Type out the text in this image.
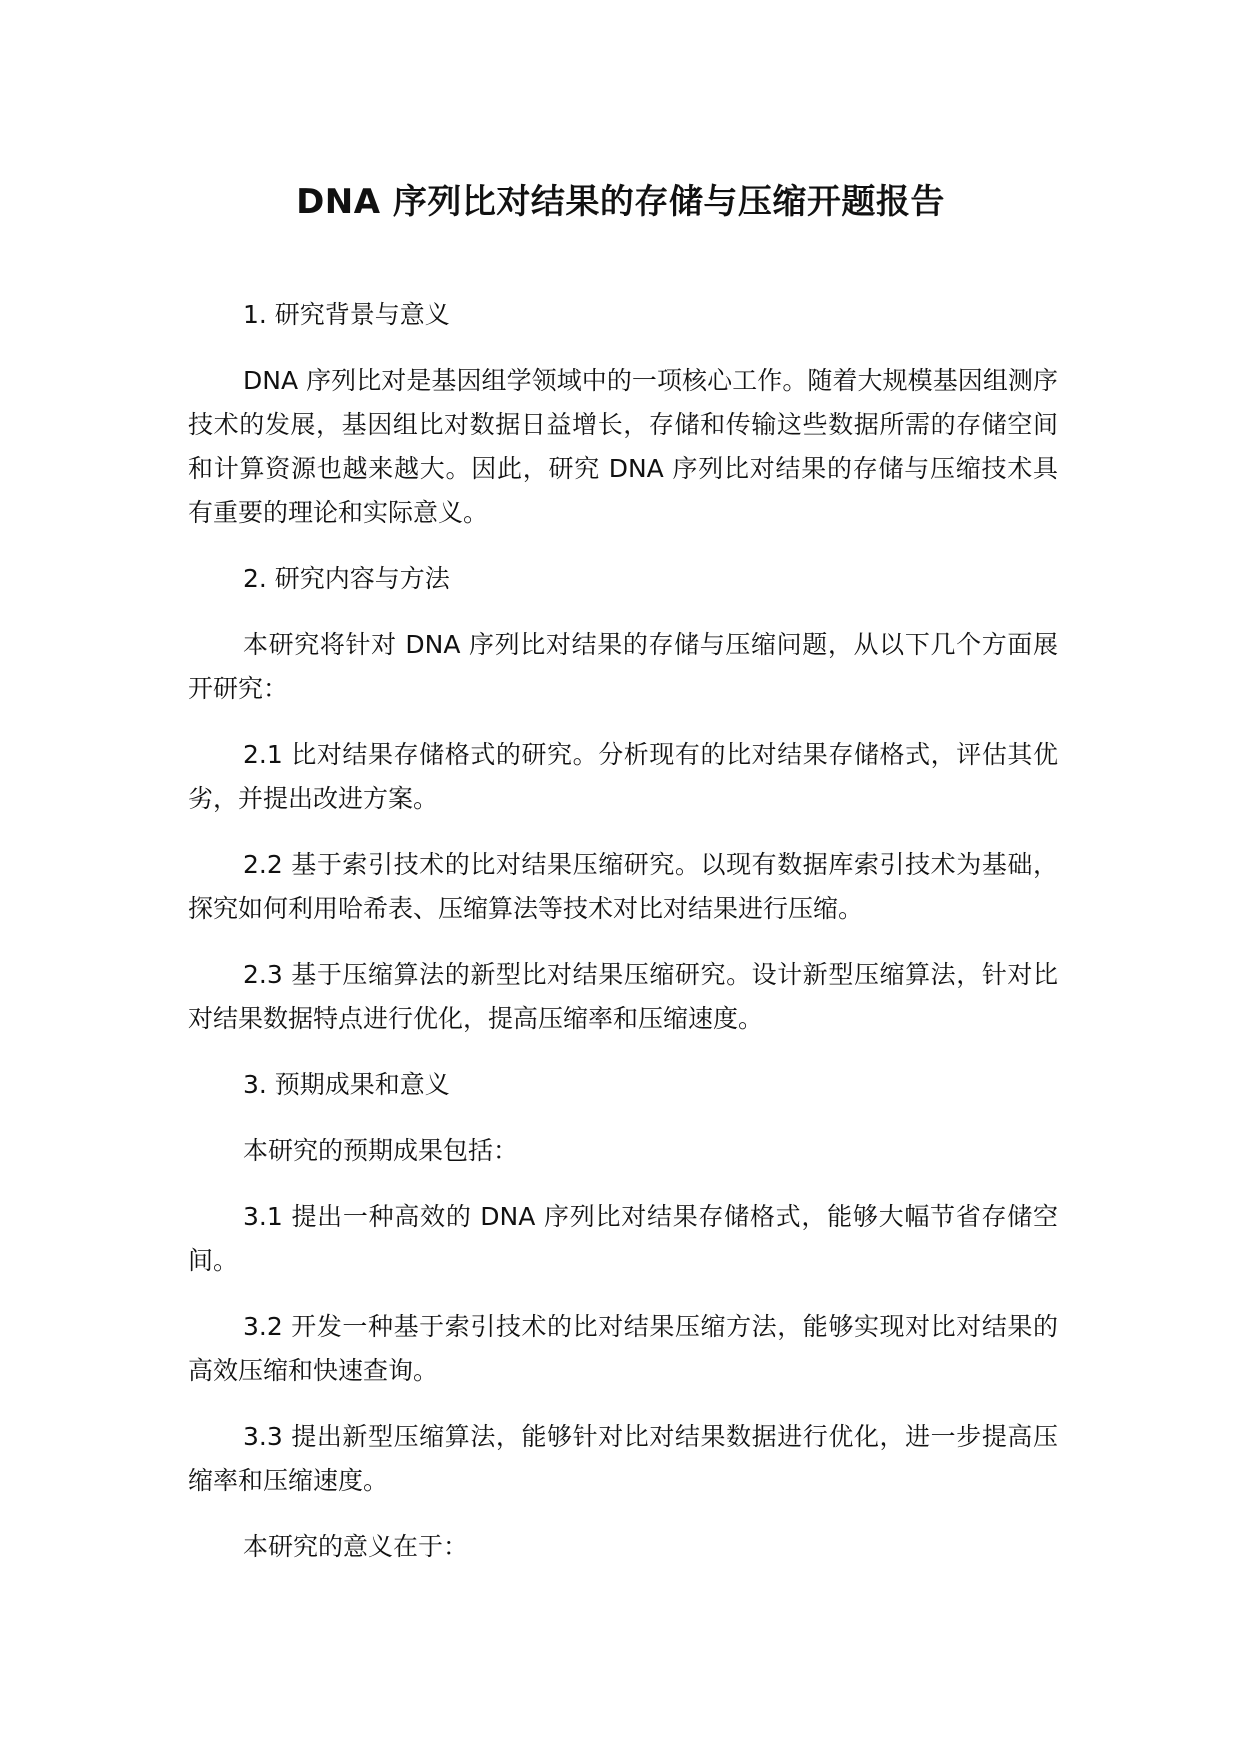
DNA 序列比对结果的存储与压缩开题报告

1. 研究背景与意义

DNA 序列比对是基因组学领域中的一项核心工作。随着大规模基因组测序技术的发展，基因组比对数据日益增长，存储和传输这些数据所需的存储空间和计算资源也越来越大。因此，研究 DNA 序列比对结果的存储与压缩技术具有重要的理论和实际意义。

2. 研究内容与方法

本研究将针对 DNA 序列比对结果的存储与压缩问题，从以下几个方面展开研究：

2.1 比对结果存储格式的研究。分析现有的比对结果存储格式，评估其优劣，并提出改进方案。

2.2 基于索引技术的比对结果压缩研究。以现有数据库索引技术为基础，探究如何利用哈希表、压缩算法等技术对比对结果进行压缩。

2.3 基于压缩算法的新型比对结果压缩研究。设计新型压缩算法，针对比对结果数据特点进行优化，提高压缩率和压缩速度。

3. 预期成果和意义

本研究的预期成果包括：

3.1 提出一种高效的 DNA 序列比对结果存储格式，能够大幅节省存储空间。

3.2 开发一种基于索引技术的比对结果压缩方法，能够实现对比对结果的高效压缩和快速查询。

3.3 提出新型压缩算法，能够针对比对结果数据进行优化，进一步提高压缩率和压缩速度。

本研究的意义在于：
